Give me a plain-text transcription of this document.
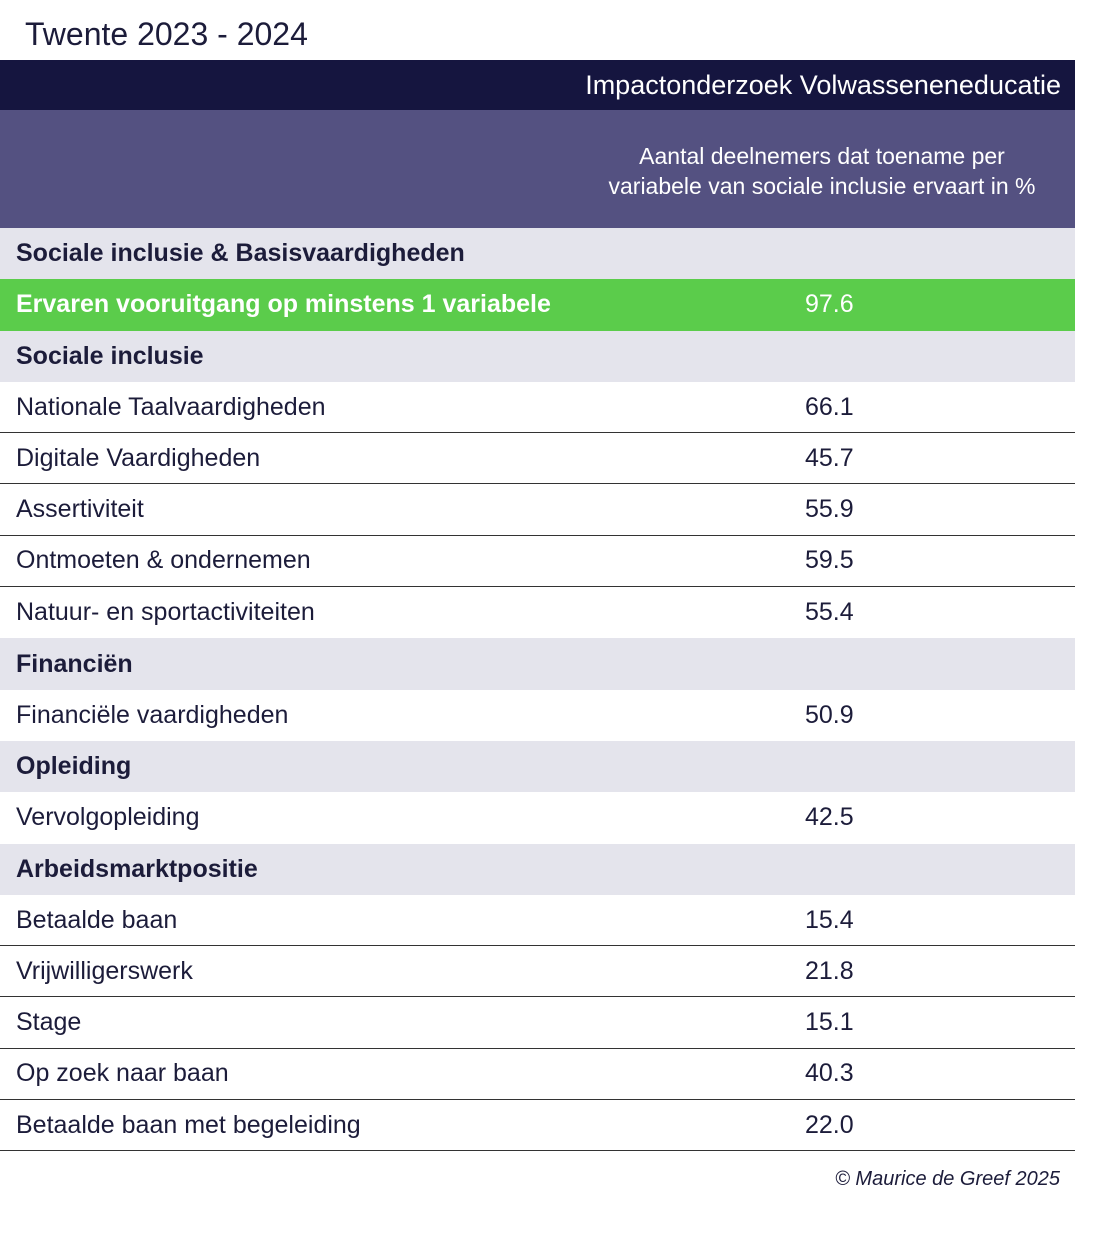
Twente 2023 - 2024
Impactonderzoek Volwasseneneducatie
Aantal deelnemers dat toename per
variabele van sociale inclusie ervaart in %
Sociale inclusie & Basisvaardigheden
Ervaren vooruitgang op minstens 1 variabele	97.6
Sociale inclusie
Nationale Taalvaardigheden	66.1
Digitale Vaardigheden	45.7
Assertiviteit	55.9
Ontmoeten & ondernemen	59.5
Natuur- en sportactiviteiten	55.4
Financiën
Financiële vaardigheden	50.9
Opleiding
Vervolgopleiding	42.5
Arbeidsmarktpositie
Betaalde baan	15.4
Vrijwilligerswerk	21.8
Stage	15.1
Op zoek naar baan	40.3
Betaalde baan met begeleiding	22.0
© Maurice de Greef 2025
